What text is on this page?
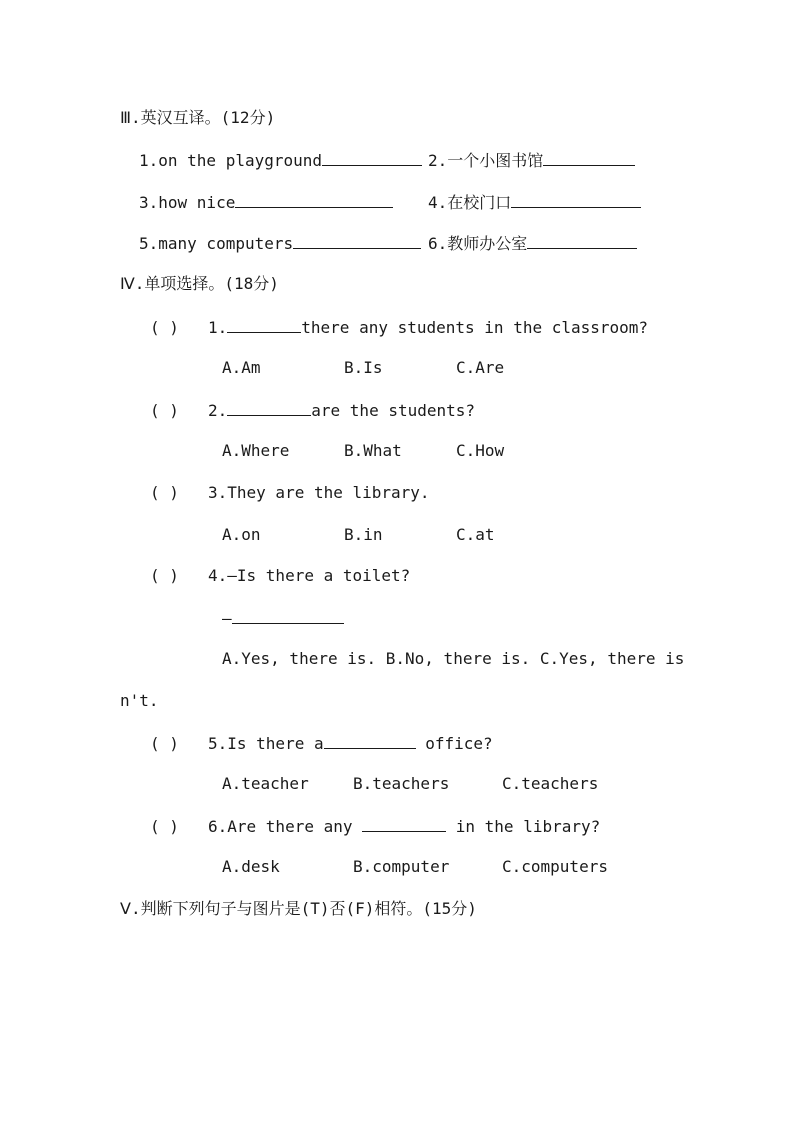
Ⅲ.英汉互译。(12分)
1.on the playground	2.一个小图书馆
3.how nice	4.在校门口
5.many computers	6.教师办公室
Ⅳ.单项选择。(18分)
( ) 1.	there any students in the classroom?
A.Am	B.Is	C.Are
( ) 2.	are the students?
A.Where	B.What	C.How
( ) 3.They are the library.
A.on	B.in	C.at
( ) 4.—Is there a toilet?
—
A.Yes, there is. B.No, there is. C.Yes, there is
n't.
( ) 5.Is there a	office?
A.teacher	B.teachers	C.teachers
( ) 6.Are there any	in the library?
A.desk	B.computer	C.computers
Ⅴ.判断下列句子与图片是(T)否(F)相符。(15分)
